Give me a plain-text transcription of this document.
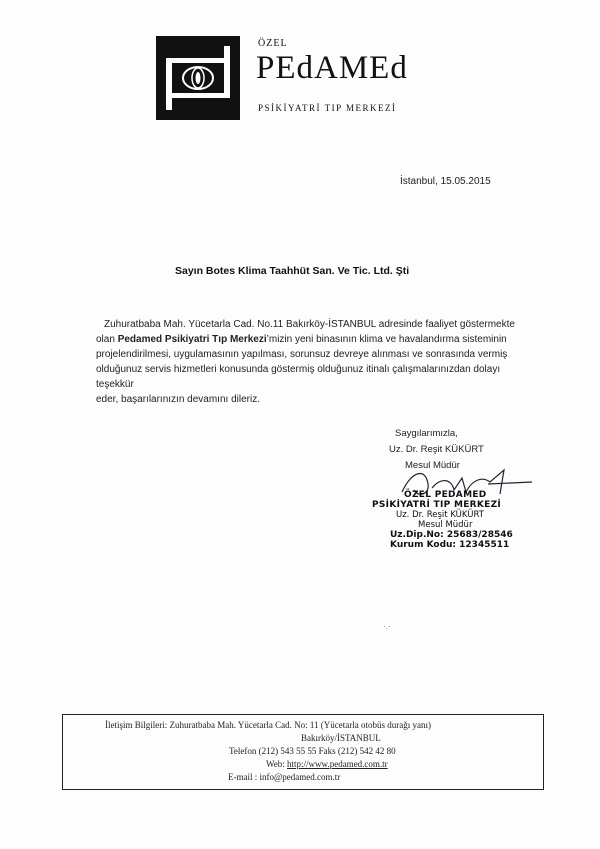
ÖZEL
PEdAMEd
PSİKİYATRİ TIP MERKEZİ
İstanbul, 15.05.2015
Sayın Botes Klima Taahhüt San. Ve Tic. Ltd. Şti
Zuhuratbaba Mah. Yücetarla Cad. No.11 Bakırköy-İSTANBUL adresinde faaliyet göstermekte
olan Pedamed Psikiyatri Tıp Merkezi’mizin yeni binasının klima ve havalandırma sisteminin
projelendirilmesi, uygulamasının yapılması, sorunsuz devreye alınması ve sonrasında vermiş
olduğunuz servis hizmetleri konusunda göstermiş olduğunuz itinalı çalışmalarınızdan dolayı teşekkür
eder, başarılarınızın devamını dileriz.
Saygılarımızla,
Uz. Dr. Reşit KÜKÜRT
Mesul Müdür
ÖZEL PEDAMED
PSİKİYATRİ TIP MERKEZİ
Uz. Dr. Reşit KÜKÜRT
Mesul Müdür
Uz.Dip.No: 25683/28546
Kurum Kodu: 12345511
·.·
İletişim Bilgileri: Zuhuratbaba Mah. Yücetarla Cad. No: 11 (Yücetarla otobüs durağı yanı)
Bakırköy/İSTANBUL
Telefon (212) 543 55 55 Faks (212) 542 42 80
Web: http://www.pedamed.com.tr
E-mail : info@pedamed.com.tr
